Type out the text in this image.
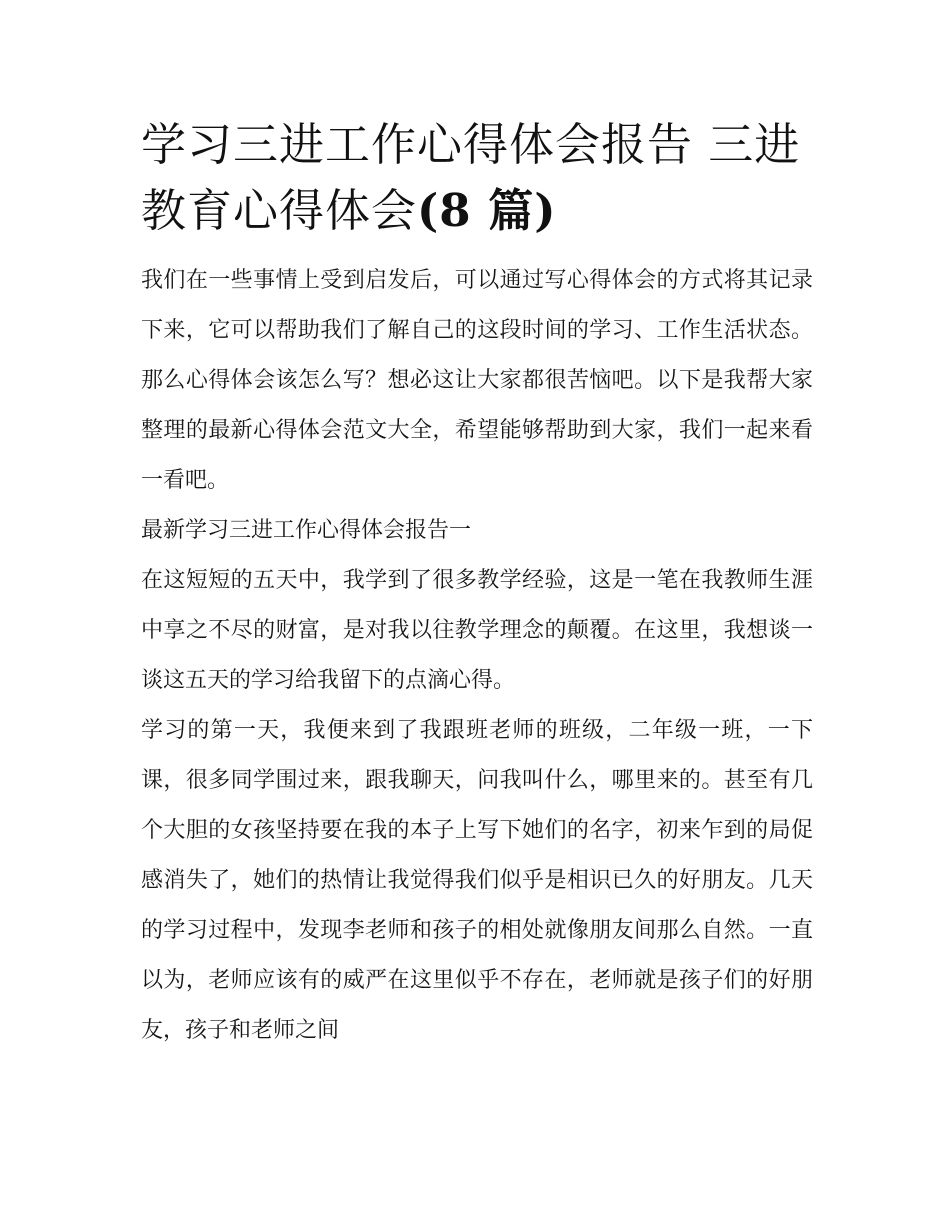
学习三进工作心得体会报告 三进教育心得体会(8 篇)

我们在一些事情上受到启发后，可以通过写心得体会的方式将其记录下来，它可以帮助我们了解自己的这段时间的学习、工作生活状态。那么心得体会该怎么写？想必这让大家都很苦恼吧。以下是我帮大家整理的最新心得体会范文大全，希望能够帮助到大家，我们一起来看一看吧。

最新学习三进工作心得体会报告一

在这短短的五天中，我学到了很多教学经验，这是一笔在我教师生涯中享之不尽的财富，是对我以往教学理念的颠覆。在这里，我想谈一谈这五天的学习给我留下的点滴心得。

学习的第一天，我便来到了我跟班老师的班级，二年级一班，一下课，很多同学围过来，跟我聊天，问我叫什么，哪里来的。甚至有几个大胆的女孩坚持要在我的本子上写下她们的名字，初来乍到的局促感消失了，她们的热情让我觉得我们似乎是相识已久的好朋友。几天的学习过程中，发现李老师和孩子的相处就像朋友间那么自然。一直以为，老师应该有的威严在这里似乎不存在，老师就是孩子们的好朋友，孩子和老师之间
